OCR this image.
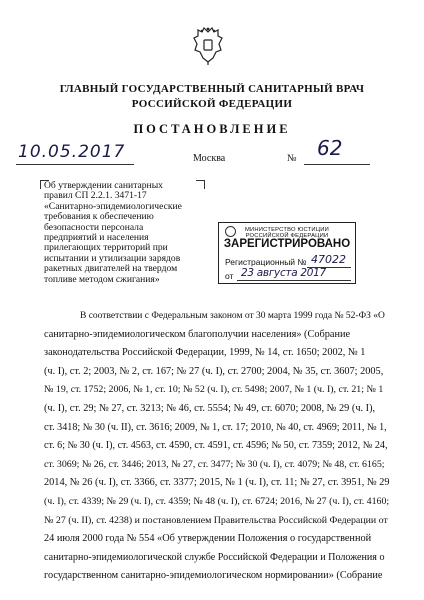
ГЛАВНЫЙ ГОСУДАРСТВЕННЫЙ САНИТАРНЫЙ ВРАЧ
РОССИЙСКОЙ ФЕДЕРАЦИИ
ПОСТАНОВЛЕНИЕ
10.05.2017	Москва	№ 62
Об утверждении санитарных
правил СП 2.2.1. 3471-17
«Санитарно-эпидемиологические
требования к обеспечению
безопасности персонала
предприятий и населения
прилегающих территорий при
испытании и утилизации зарядов
ракетных двигателей на твердом
топливе методом сжигания»
МИНИСТЕРСТВО ЮСТИЦИИ РОССИЙСКОЙ ФЕДЕРАЦИИ
ЗАРЕГИСТРИРОВАНО
Регистрационный № 47022
от 23 августа 2017
В соответствии с Федеральным законом от 30 марта 1999 года № 52-ФЗ «О
санитарно-эпидемиологическом благополучии населения» (Собрание
законодательства Российской Федерации, 1999, № 14, ст. 1650; 2002, № 1
(ч. I), ст. 2; 2003, № 2, ст. 167; № 27 (ч. I), ст. 2700; 2004, № 35, ст. 3607; 2005,
№ 19, ст. 1752; 2006, № 1, ст. 10; № 52 (ч. I), ст. 5498; 2007, № 1 (ч. I), ст. 21; № 1
(ч. I), ст. 29; № 27, ст. 3213; № 46, ст. 5554; № 49, ст. 6070; 2008, № 29 (ч. I),
ст. 3418; № 30 (ч. II), ст. 3616; 2009, № 1, ст. 17; 2010, № 40, ст. 4969; 2011, № 1,
ст. 6; № 30 (ч. I), ст. 4563, ст. 4590, ст. 4591, ст. 4596; № 50, ст. 7359; 2012, № 24,
ст. 3069; № 26, ст. 3446; 2013, № 27, ст. 3477; № 30 (ч. I), ст. 4079; № 48, ст. 6165;
2014, № 26 (ч. I), ст. 3366, ст. 3377; 2015, № 1 (ч. I), ст. 11; № 27, ст. 3951, № 29
(ч. I), ст. 4339; № 29 (ч. I), ст. 4359; № 48 (ч. I), ст. 6724; 2016, № 27 (ч. I), ст. 4160;
№ 27 (ч. II), ст. 4238) и постановлением Правительства Российской Федерации от
24 июля 2000 года № 554 «Об утверждении Положения о государственной
санитарно-эпидемиологической службе Российской Федерации и Положения о
государственном санитарно-эпидемиологическом нормировании» (Собрание
